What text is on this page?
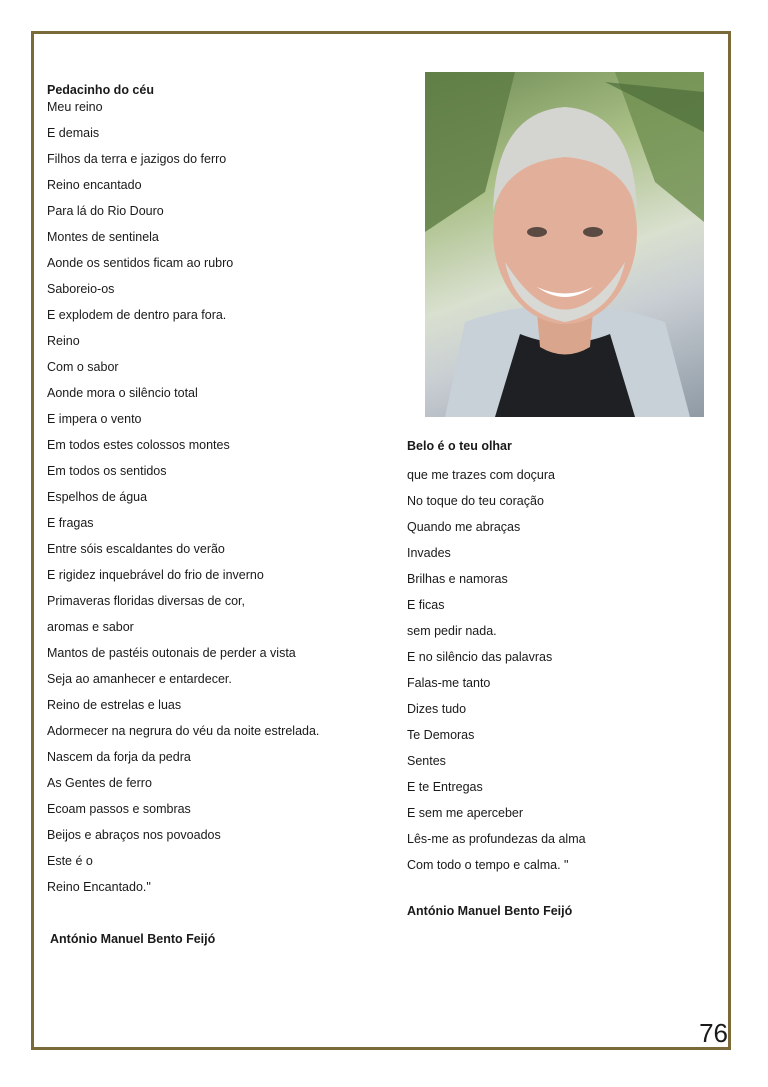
Pedacinho do céu

Meu reino

E demais

Filhos da terra e jazigos do ferro

Reino encantado

Para lá do Rio Douro

Montes de sentinela

Aonde os sentidos ficam ao rubro

Saboreio-os

E explodem de dentro para fora.

Reino

Com o sabor

Aonde mora o silêncio total

E impera o vento

Em todos estes colossos montes

Em todos os sentidos

Espelhos de água

E fragas

Entre sóis escaldantes do verão

E rigidez inquebrável do frio de inverno

Primaveras floridas diversas de cor,

aromas e sabor

Mantos de pastéis outonais de perder a vista

Seja ao amanhecer e entardecer.

Reino de estrelas e luas

Adormecer na negrura do véu da noite estrelada.

Nascem da forja da pedra

As Gentes de ferro

Ecoam passos e sombras

Beijos e abraços nos povoados

Este é o

Reino Encantado."

António Manuel Bento Feijó

Belo é o teu olhar

que me trazes com doçura

No toque do teu coração

Quando me abraças

Invades

Brilhas e namoras

E ficas

sem pedir nada.

E no silêncio das palavras

Falas-me tanto

Dizes tudo

Te Demoras

Sentes

E te Entregas

E sem me aperceber

Lês-me as profundezas da alma

Com todo o tempo e calma. "

António Manuel Bento Feijó

76
